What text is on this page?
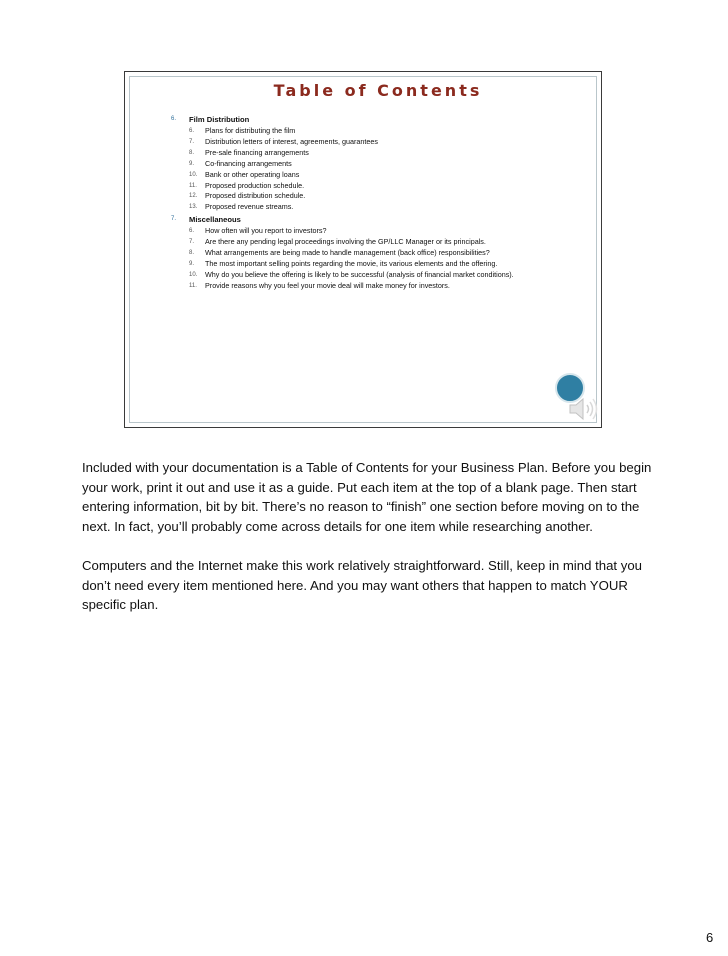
Table of Contents
6. Film Distribution
6. Plans for distributing the film
7. Distribution letters of interest, agreements, guarantees
8. Pre-sale financing arrangements
9. Co-financing arrangements
10. Bank or other operating loans
11. Proposed production schedule.
12. Proposed distribution schedule.
13. Proposed revenue streams.
7. Miscellaneous
6. How often will you report to investors?
7. Are there any pending legal proceedings involving the GP/LLC Manager or its principals.
8. What arrangements are being made to handle management (back office) responsibilities?
9. The most important selling points regarding the movie, its various elements and the offering.
10. Why do you believe the offering is likely to be successful (analysis of financial market conditions).
11. Provide reasons why you feel your movie deal will make money for investors.

Included with your documentation is a Table of Contents for your Business Plan. Before you begin your work, print it out and use it as a guide. Put each item at the top of a blank page. Then start entering information, bit by bit. There’s no reason to “finish” one section before moving on to the next. In fact, you’ll probably come across details for one item while researching another.

Computers and the Internet make this work relatively straightforward. Still, keep in mind that you don’t need every item mentioned here. And you may want others that happen to match YOUR specific plan.

6
